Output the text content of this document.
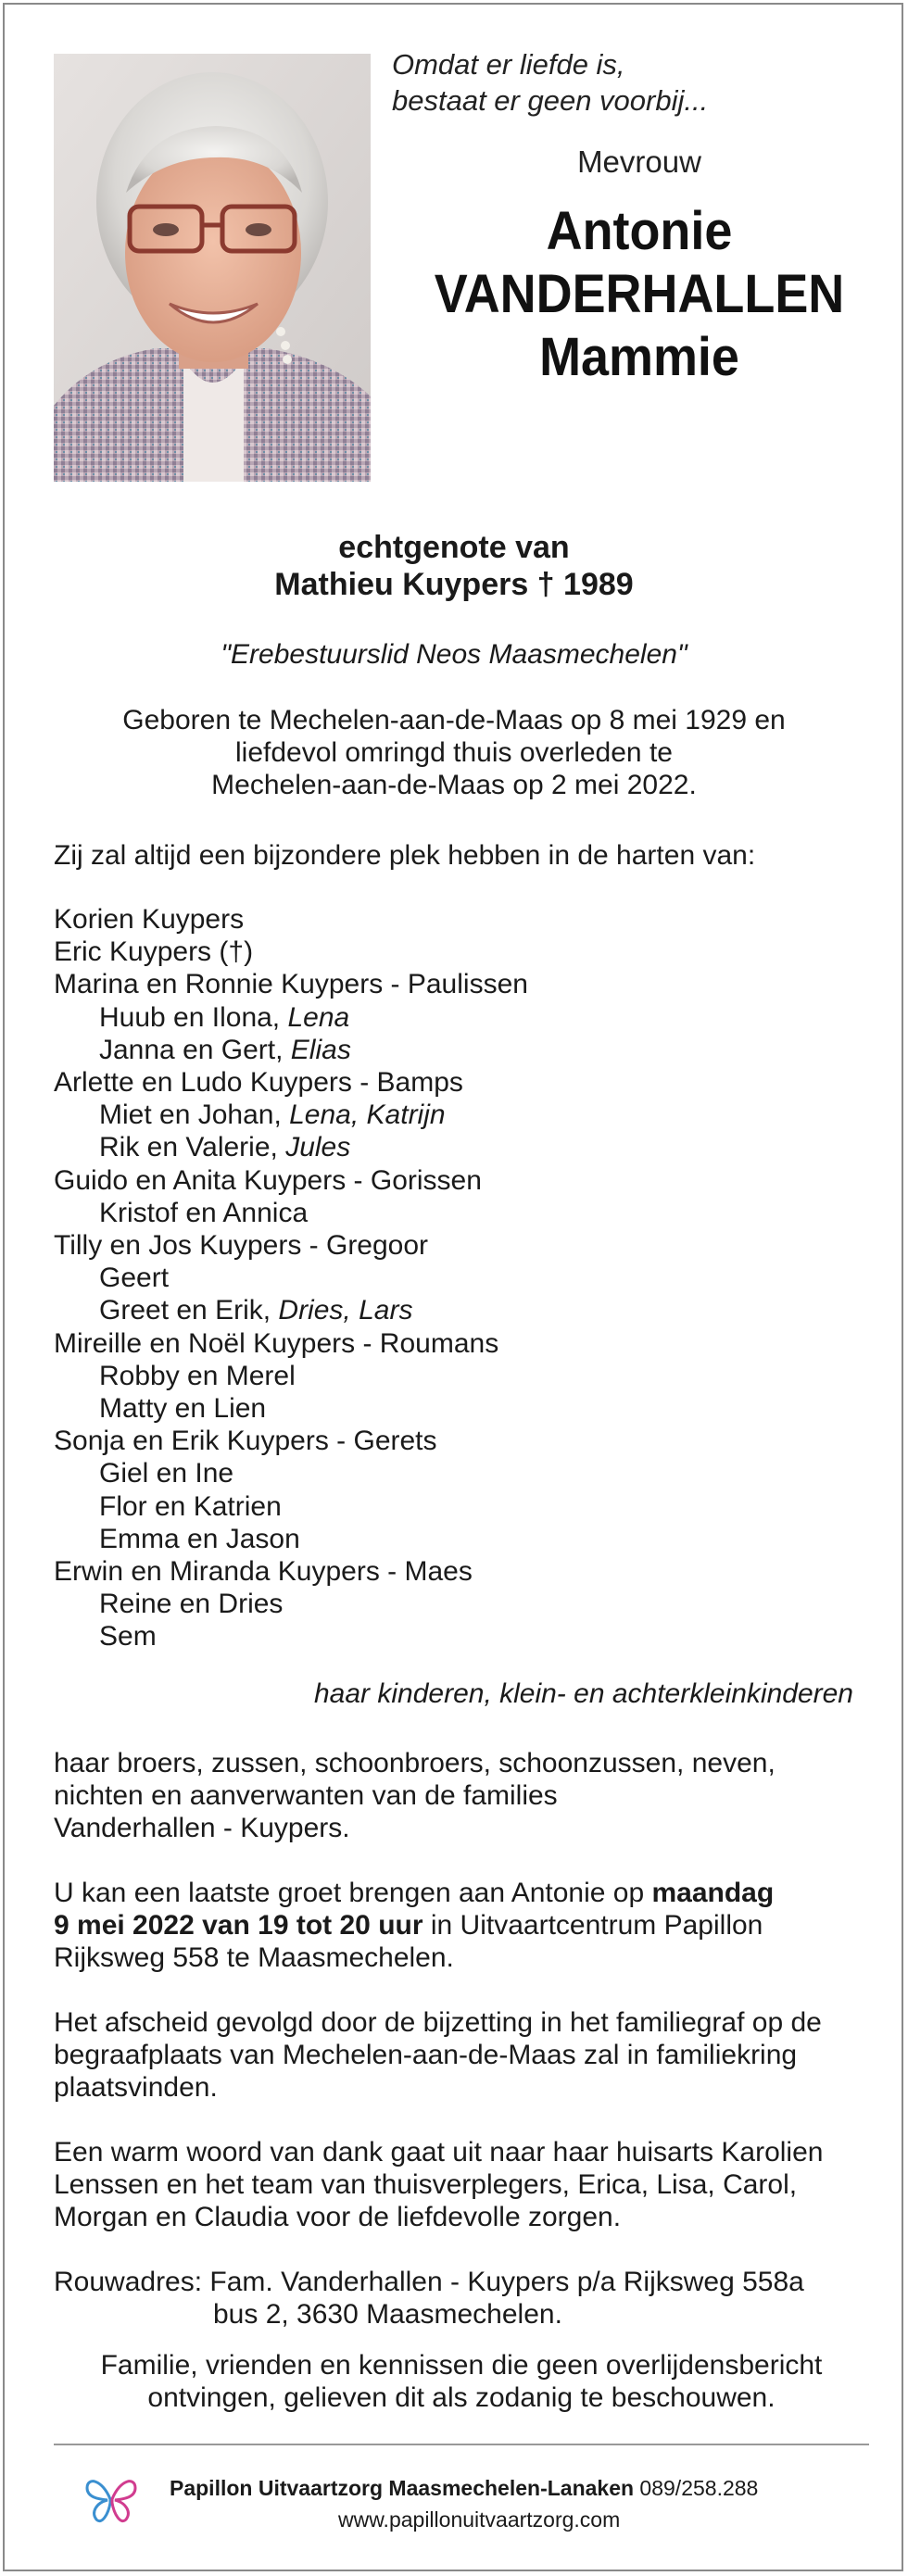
Omdat er liefde is,
bestaat er geen voorbij...
Mevrouw
Antonie
VANDERHALLEN
Mammie
echtgenote van
Mathieu Kuypers † 1989
"Erebestuurslid Neos Maasmechelen"
Geboren te Mechelen-aan-de-Maas op 8 mei 1929 en
liefdevol omringd thuis overleden te
Mechelen-aan-de-Maas op 2 mei 2022.
Zij zal altijd een bijzondere plek hebben in de harten van:
Korien Kuypers
Eric Kuypers (†)
Marina en Ronnie Kuypers - Paulissen
Huub en Ilona, Lena
Janna en Gert, Elias
Arlette en Ludo Kuypers - Bamps
Miet en Johan, Lena, Katrijn
Rik en Valerie, Jules
Guido en Anita Kuypers - Gorissen
Kristof en Annica
Tilly en Jos Kuypers - Gregoor
Geert
Greet en Erik, Dries, Lars
Mireille en Noël Kuypers - Roumans
Robby en Merel
Matty en Lien
Sonja en Erik Kuypers - Gerets
Giel en Ine
Flor en Katrien
Emma en Jason
Erwin en Miranda Kuypers - Maes
Reine en Dries
Sem
haar kinderen, klein- en achterkleinkinderen
haar broers, zussen, schoonbroers, schoonzussen, neven,
nichten en aanverwanten van de families
Vanderhallen - Kuypers.
U kan een laatste groet brengen aan Antonie op maandag
9 mei 2022 van 19 tot 20 uur in Uitvaartcentrum Papillon
Rijksweg 558 te Maasmechelen.
Het afscheid gevolgd door de bijzetting in het familiegraf op de
begraafplaats van Mechelen-aan-de-Maas zal in familiekring
plaatsvinden.
Een warm woord van dank gaat uit naar haar huisarts Karolien
Lenssen en het team van thuisverplegers, Erica, Lisa, Carol,
Morgan en Claudia voor de liefdevolle zorgen.
Rouwadres: Fam. Vanderhallen - Kuypers p/a Rijksweg 558a
bus 2, 3630 Maasmechelen.
Familie, vrienden en kennissen die geen overlijdensbericht
ontvingen, gelieven dit als zodanig te beschouwen.
Papillon Uitvaartzorg Maasmechelen-Lanaken 089/258.288
www.papillonuitvaartzorg.com
